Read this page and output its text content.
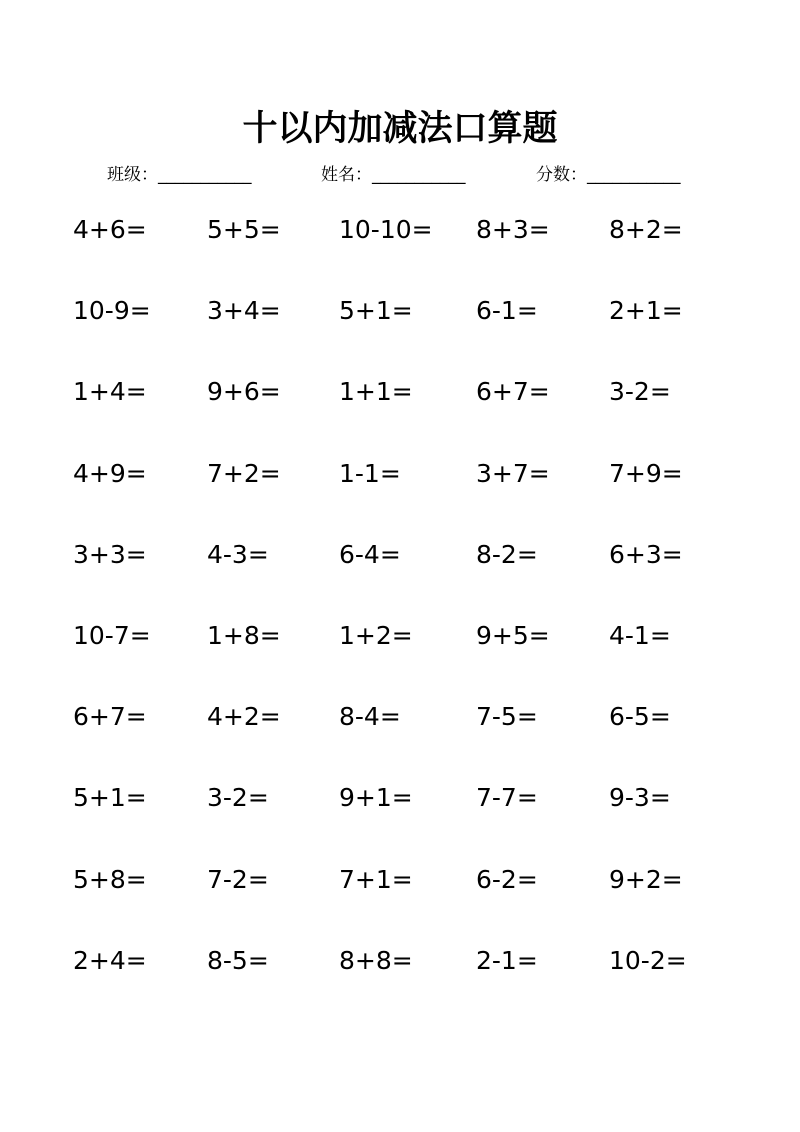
十以内加减法口算题
班级：___________	姓名：___________	分数：___________
4+6= 5+5= 10-10= 8+3= 8+2=
10-9= 3+4= 5+1=	6-1=	2+1=
1+4= 9+6= 1+1=	6+7= 3-2=
4+9= 7+2= 1-1=	3+7= 7+9=
3+3= 4-3=	6-4=	8-2=	6+3=
10-7= 1+8= 1+2=	9+5= 4-1=
6+7= 4+2= 8-4=	7-5=	6-5=
5+1= 3-2=	9+1=	7-7=	9-3=
5+8= 7-2=	7+1=	6-2=	9+2=
2+4= 8-5=	8+8=	2-1=	10-2=
